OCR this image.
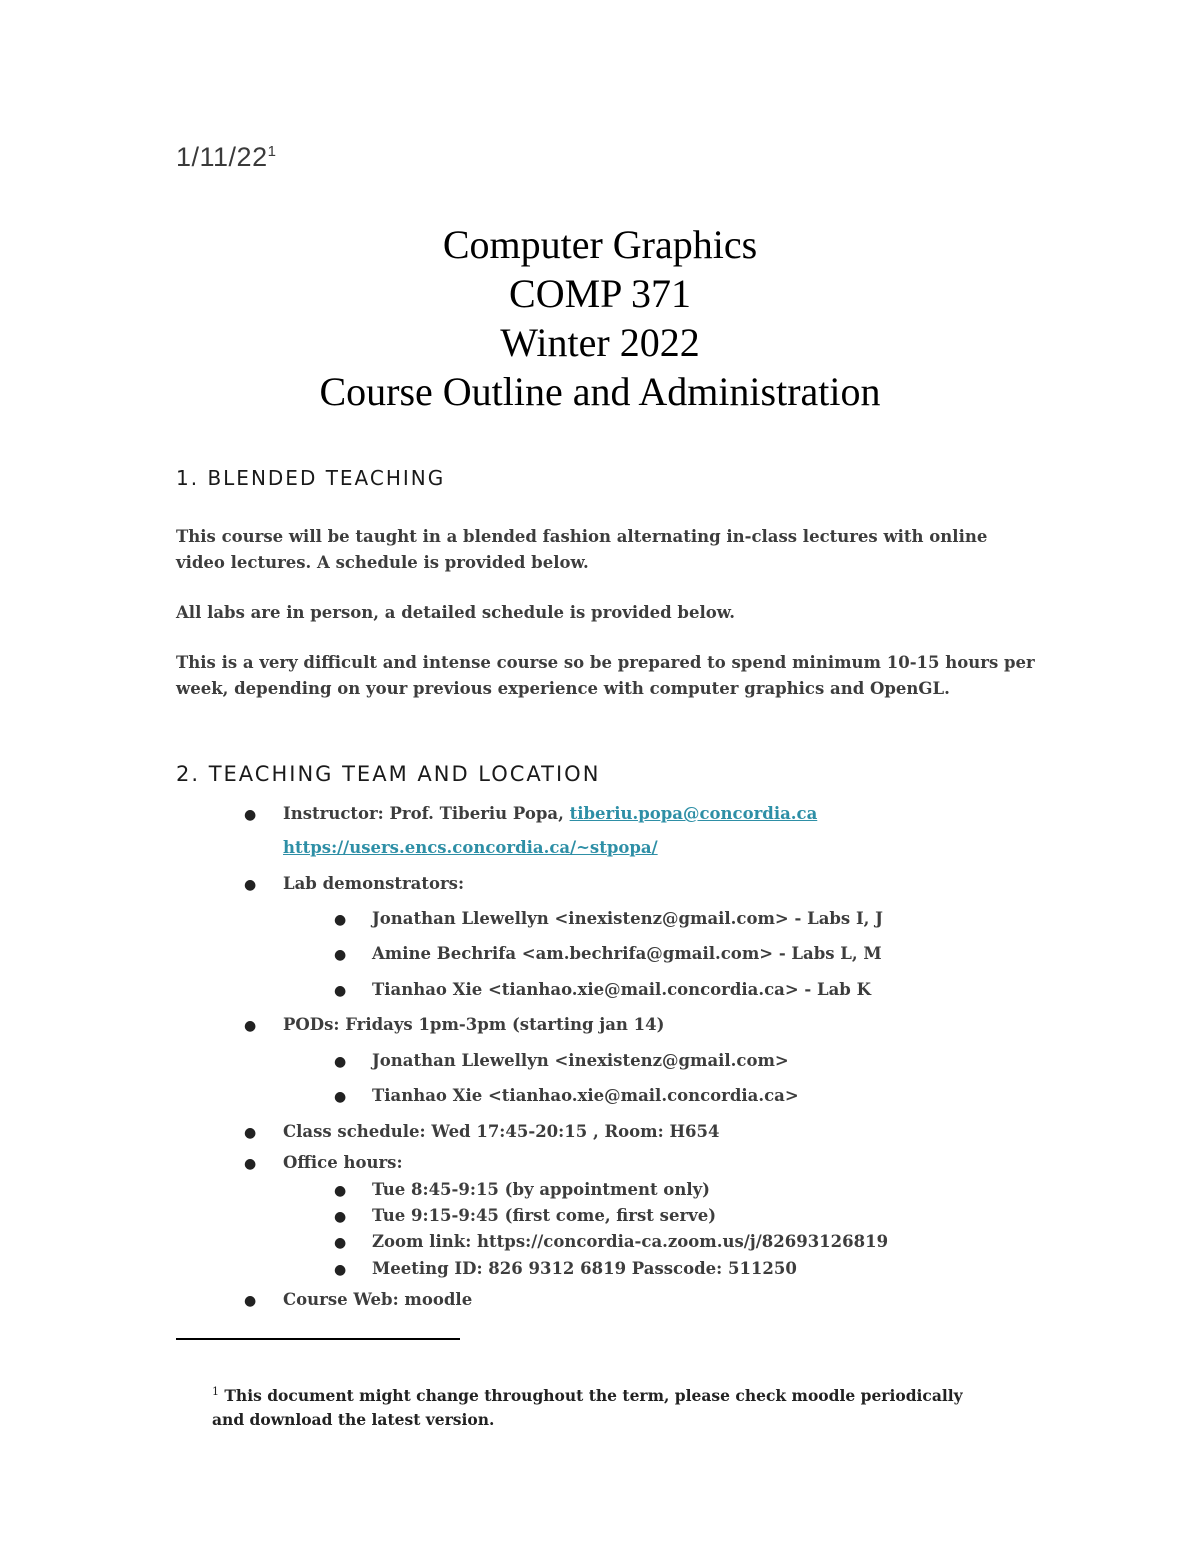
$1/11/22^1$
Computer Graphics
COMP 371
Winter 2022
Course Outline and Administration
1. BLENDED TEACHING
This course will be taught in a blended fashion alternating in-class lectures with online video lectures. A schedule is provided below.
All labs are in person, a detailed schedule is provided below.
This is a very difficult and intense course so be prepared to spend minimum 10-15 hours per week, depending on your previous experience with computer graphics and OpenGL.
2. TEACHING TEAM AND LOCATION
● Instructor: Prof. Tiberiu Popa, tiberiu.popa@concordia.ca
https://users.encs.concordia.ca/~stpopa/
● Lab demonstrators:
● Jonathan Llewellyn <inexistenz@gmail.com> - Labs I, J
● Amine Bechrifa <am.bechrifa@gmail.com> - Labs L, M
● Tianhao Xie <tianhao.xie@mail.concordia.ca> - Lab K
● PODs: Fridays 1pm-3pm (starting jan 14)
● Jonathan Llewellyn <inexistenz@gmail.com>
● Tianhao Xie <tianhao.xie@mail.concordia.ca>
● Class schedule: Wed 17:45-20:15 , Room: H654
● Office hours:
● Tue 8:45-9:15 (by appointment only)
● Tue 9:15-9:45 (first come, first serve)
● Zoom link: https://concordia-ca.zoom.us/j/82693126819
● Meeting ID: 826 9312 6819 Passcode: 511250
● Course Web: moodle
$^1$ This document might change throughout the term, please check moodle periodically and download the latest version.
